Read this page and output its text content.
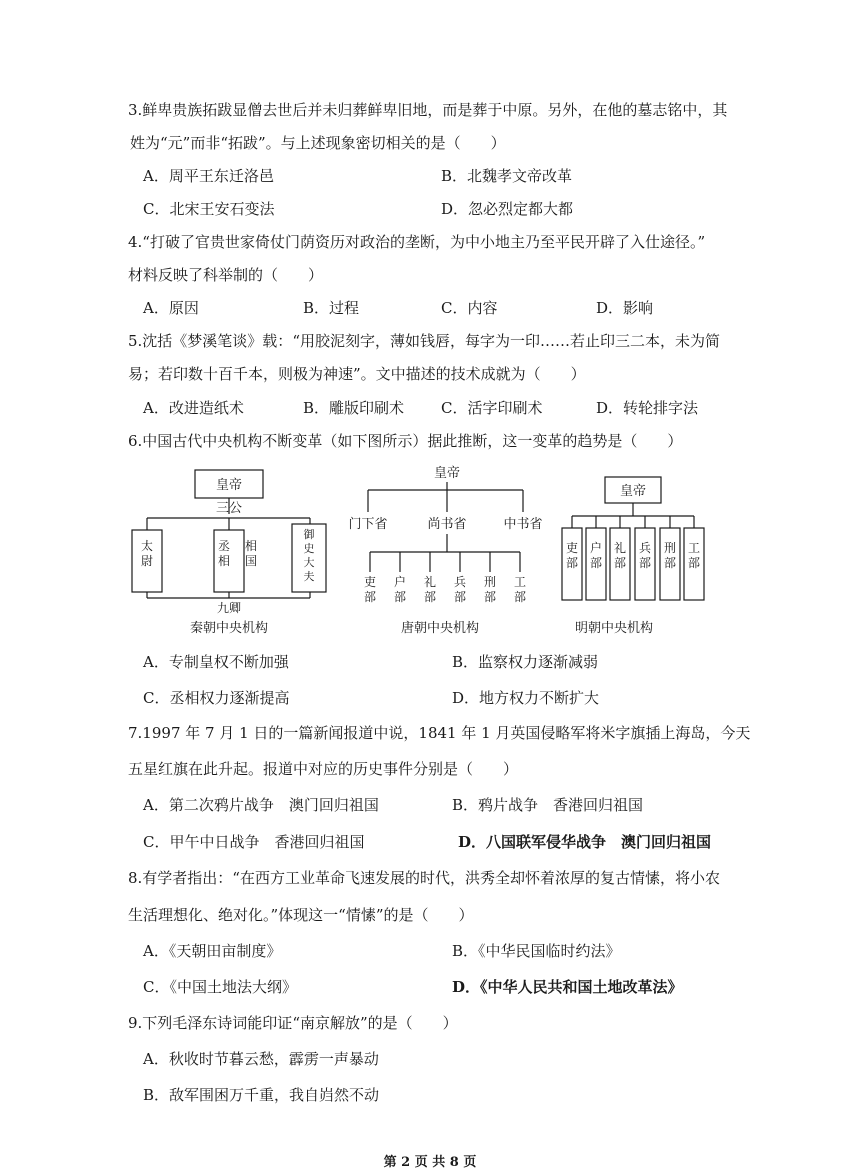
3.鲜卑贵族拓跋显僧去世后并未归葬鲜卑旧地，而是葬于中原。另外，在他的墓志铭中，其
姓为“元”而非“拓跋”。与上述现象密切相关的是（　　）
A．周平王东迁洛邑	B．北魏孝文帝改革
C．北宋王安石变法	D．忽必烈定都大都
4.“打破了官贵世家倚仗门荫资历对政治的垄断，为中小地主乃至平民开辟了入仕途径。”
材料反映了科举制的（　　）
A．原因	B．过程	C．内容	D．影响
5.沈括《梦溪笔谈》载：“用胶泥刻字，薄如钱唇，每字为一印……若止印三二本，未为简
易；若印数十百千本，则极为神速”。文中描述的技术成就为（　　）
A．改进造纸术	B．雕版印刷术 C．活字印刷术	D．转轮排字法
6.中国古代中央机构不断变革（如下图所示）据此推断，这一变革的趋势是（　　）
皇帝
三公
太尉
丞相
相国
御史大夫
九卿
秦朝中央机构
皇帝
门下省	尚书省	中书省
吏部
户部
礼部
兵部
刑部
工部
唐朝中央机构
皇帝
吏部
户部
礼部
兵部
刑部
工部
明朝中央机构
A．专制皇权不断加强	B．监察权力逐渐减弱
C．丞相权力逐渐提高	D．地方权力不断扩大
7.1997 年 7 月 1 日的一篇新闻报道中说，1841 年 1 月英国侵略军将米字旗插上海岛，今天
五星红旗在此升起。报道中对应的历史事件分别是（　　）
A．第二次鸦片战争　澳门回归祖国	B．鸦片战争　香港回归祖国
C．甲午中日战争　香港回归祖国	D．八国联军侵华战争　澳门回归祖国
8.有学者指出：“在西方工业革命飞速发展的时代，洪秀全却怀着浓厚的复古情愫，将小农
生活理想化、绝对化。”体现这一“情愫”的是（　　）
A．《天朝田亩制度》	B．《中华民国临时约法》
C．《中国土地法大纲》	D．《中华人民共和国土地改革法》
9.下列毛泽东诗词能印证“南京解放”的是（　　）
A．秋收时节暮云愁，霹雳一声暴动
B．敌军围困万千重，我自岿然不动
第 2 页 共 8 页
